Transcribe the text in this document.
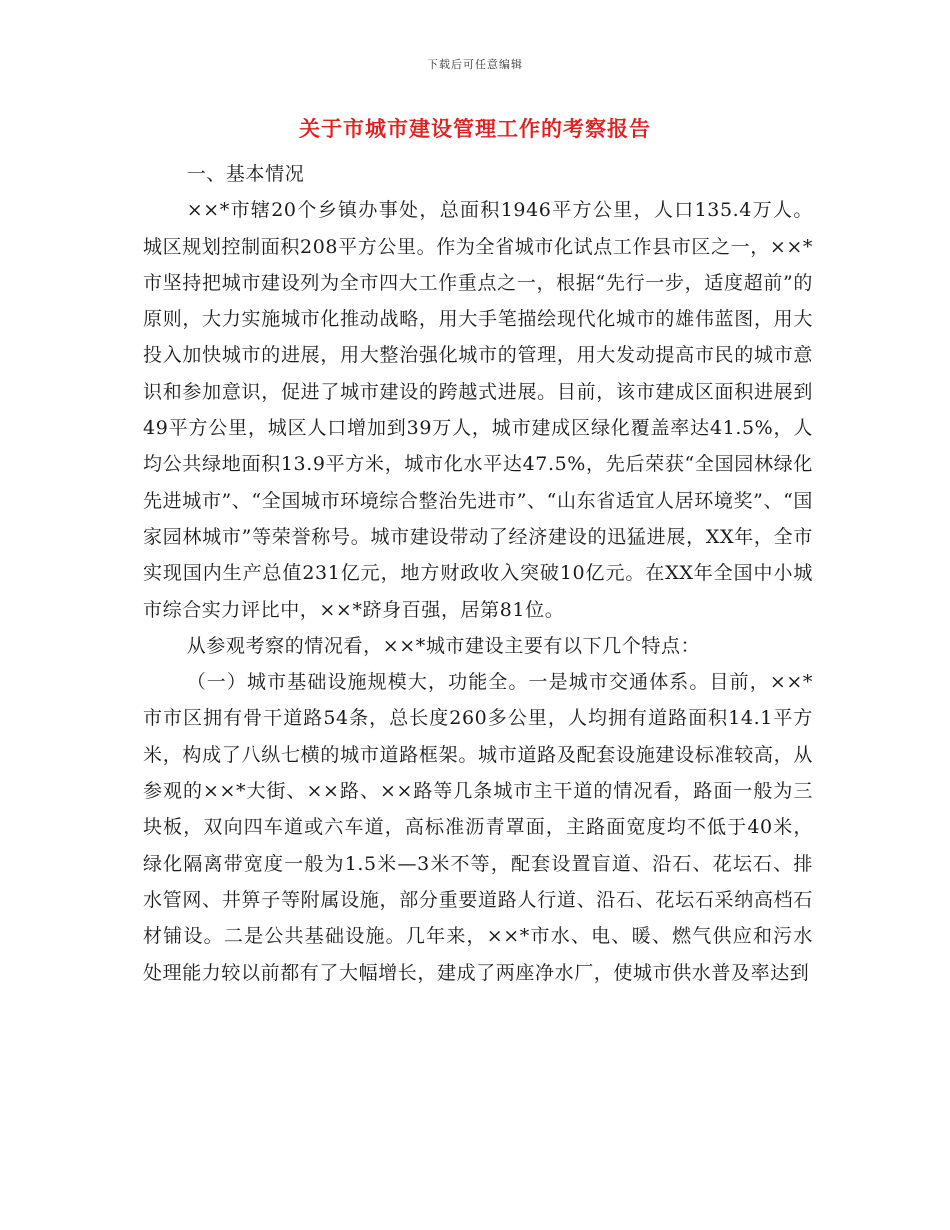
下载后可任意编辑
关于市城市建设管理工作的考察报告

一、基本情况

××*市辖20个乡镇办事处，总面积1946平方公里，人口135.4万人。城区规划控制面积208平方公里。作为全省城市化试点工作县市区之一，××*市坚持把城市建设列为全市四大工作重点之一，根据“先行一步，适度超前”的原则，大力实施城市化推动战略，用大手笔描绘现代化城市的雄伟蓝图，用大投入加快城市的进展，用大整治强化城市的管理，用大发动提高市民的城市意识和参加意识，促进了城市建设的跨越式进展。目前，该市建成区面积进展到49平方公里，城区人口增加到39万人，城市建成区绿化覆盖率达41.5%，人均公共绿地面积13.9平方米，城市化水平达47.5%，先后荣获“全国园林绿化先进城市”、“全国城市环境综合整治先进市”、“山东省适宜人居环境奖”、“国家园林城市”等荣誉称号。城市建设带动了经济建设的迅猛进展，XX年，全市实现国内生产总值231亿元，地方财政收入突破10亿元。在XX年全国中小城市综合实力评比中，××*跻身百强，居第81位。

从参观考察的情况看，××*城市建设主要有以下几个特点：

（一）城市基础设施规模大，功能全。一是城市交通体系。目前，××*市市区拥有骨干道路54条，总长度260多公里，人均拥有道路面积14.1平方米，构成了八纵七横的城市道路框架。城市道路及配套设施建设标准较高，从参观的××*大街、××路、××路等几条城市主干道的情况看，路面一般为三块板，双向四车道或六车道，高标准沥青罩面，主路面宽度均不低于40米，绿化隔离带宽度一般为1.5米—3米不等，配套设置盲道、沿石、花坛石、排水管网、井箅子等附属设施，部分重要道路人行道、沿石、花坛石采纳高档石材铺设。二是公共基础设施。几年来，××*市水、电、暖、燃气供应和污水处理能力较以前都有了大幅增长，建成了两座净水厂，使城市供水普及率达到
